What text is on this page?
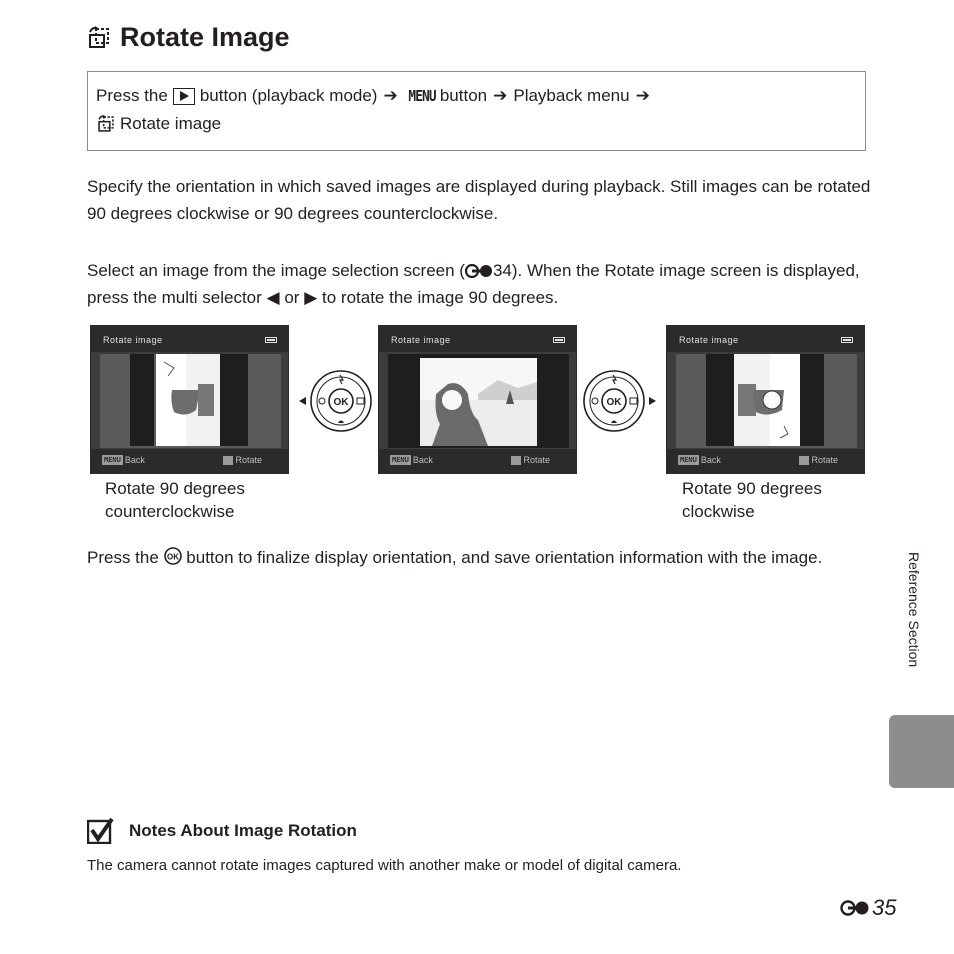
Rotate Image
Press the button (playback mode) ➔ MENU button ➔ Playback menu ➔
Rotate image
Specify the orientation in which saved images are displayed during playback. Still images can be rotated 90 degrees clockwise or 90 degrees counterclockwise.
Select an image from the image selection screen ( 34). When the Rotate image screen is displayed, press the multi selector ◀ or ▶ to rotate the image 90 degrees.
Rotate image
MENU Back	Rotate
OK
Rotate image
MENU Back	Rotate
OK
Rotate image
MENU Back	Rotate
Rotate 90 degrees counterclockwise
Rotate 90 degrees clockwise
Press the OK button to finalize display orientation, and save orientation information with the image.	Reference Section
Notes About Image Rotation
The camera cannot rotate images captured with another make or model of digital camera.
35
